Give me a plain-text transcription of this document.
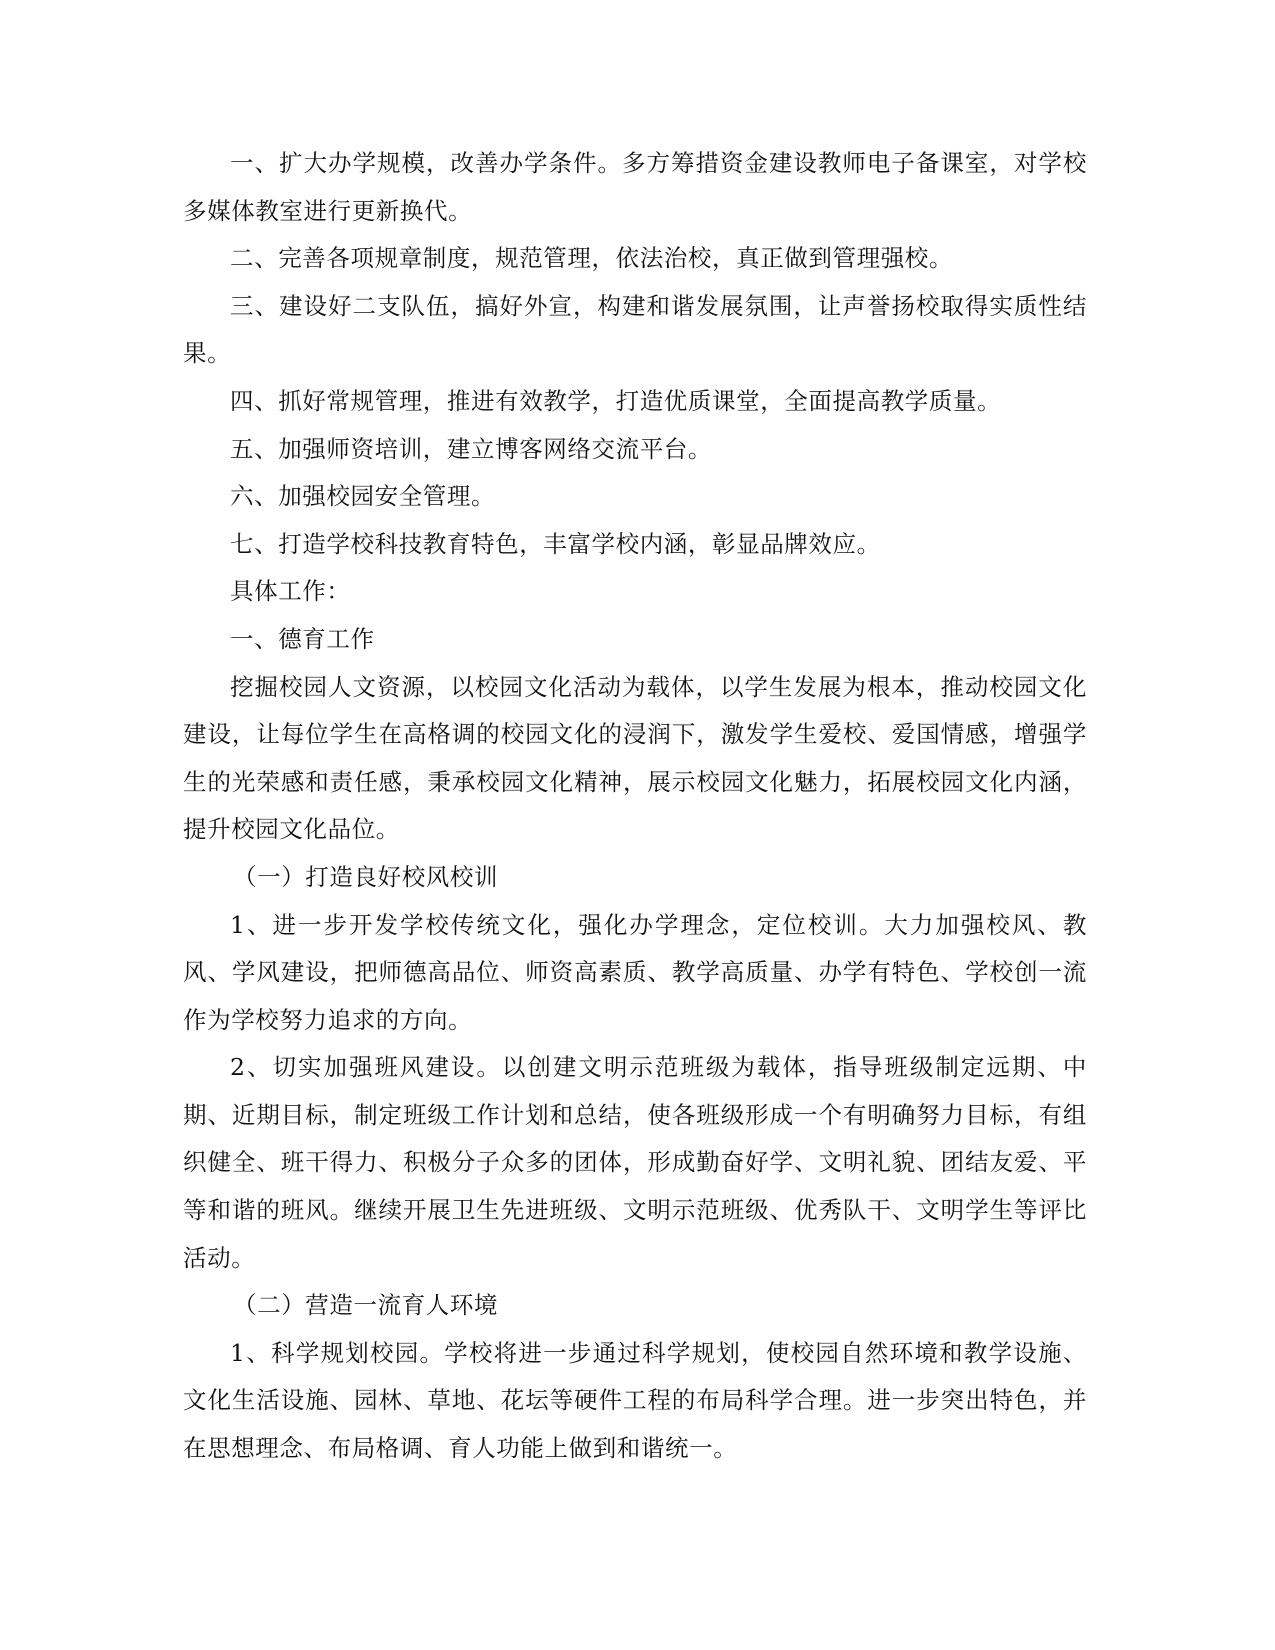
一、扩大办学规模，改善办学条件。多方筹措资金建设教师电子备课室，对学校多媒体教室进行更新换代。

二、完善各项规章制度，规范管理，依法治校，真正做到管理强校。

三、建设好二支队伍，搞好外宣，构建和谐发展氛围，让声誉扬校取得实质性结果。

四、抓好常规管理，推进有效教学，打造优质课堂，全面提高教学质量。

五、加强师资培训，建立博客网络交流平台。

六、加强校园安全管理。

七、打造学校科技教育特色，丰富学校内涵，彰显品牌效应。

具体工作：

一、德育工作

挖掘校园人文资源，以校园文化活动为载体，以学生发展为根本，推动校园文化建设，让每位学生在高格调的校园文化的浸润下，激发学生爱校、爱国情感，增强学生的光荣感和责任感，秉承校园文化精神，展示校园文化魅力，拓展校园文化内涵，提升校园文化品位。

（一）打造良好校风校训

1、进一步开发学校传统文化，强化办学理念，定位校训。大力加强校风、教风、学风建设，把师德高品位、师资高素质、教学高质量、办学有特色、学校创一流作为学校努力追求的方向。

2、切实加强班风建设。以创建文明示范班级为载体，指导班级制定远期、中期、近期目标，制定班级工作计划和总结，使各班级形成一个有明确努力目标，有组织健全、班干得力、积极分子众多的团体，形成勤奋好学、文明礼貌、团结友爱、平等和谐的班风。继续开展卫生先进班级、文明示范班级、优秀队干、文明学生等评比活动。

（二）营造一流育人环境

1、科学规划校园。学校将进一步通过科学规划，使校园自然环境和教学设施、文化生活设施、园林、草地、花坛等硬件工程的布局科学合理。进一步突出特色，并在思想理念、布局格调、育人功能上做到和谐统一。
